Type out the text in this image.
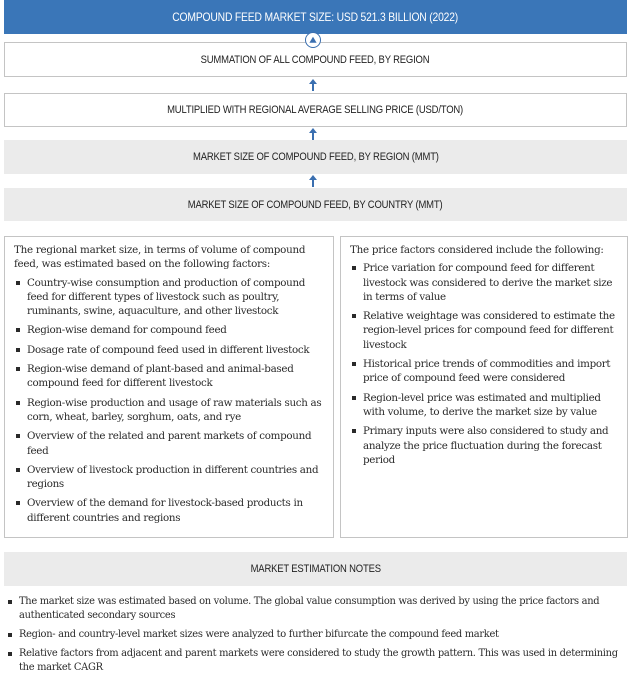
COMPOUND FEED MARKET SIZE: USD 521.3 BILLION (2022)
SUMMATION OF ALL COMPOUND FEED, BY REGION
MULTIPLIED WITH REGIONAL AVERAGE SELLING PRICE (USD/TON)
MARKET SIZE OF COMPOUND FEED, BY REGION (MMT)
MARKET SIZE OF COMPOUND FEED, BY COUNTRY (MMT)

The regional market size, in terms of volume of compound feed, was estimated based on the following factors:

Country-wise consumption and production of compound feed for different types of livestock such as poultry, ruminants, swine, aquaculture, and other livestock
Region-wise demand for compound feed
Dosage rate of compound feed used in different livestock
Region-wise demand of plant-based and animal-based compound feed for different livestock
Region-wise production and usage of raw materials such as corn, wheat, barley, sorghum, oats, and rye
Overview of the related and parent markets of compound feed
Overview of livestock production in different countries and regions
Overview of the demand for livestock-based products in different countries and regions

The price factors considered include the following:

Price variation for compound feed for different livestock was considered to derive the market size in terms of value
Relative weightage was considered to estimate the region-level prices for compound feed for different livestock
Historical price trends of commodities and import price of compound feed were considered
Region-level price was estimated and multiplied with volume, to derive the market size by value
Primary inputs were also considered to study and analyze the price fluctuation during the forecast period
MARKET ESTIMATION NOTES
The market size was estimated based on volume. The global value consumption was derived by using the price factors and authenticated secondary sources
Region- and country-level market sizes were analyzed to further bifurcate the compound feed market
Relative factors from adjacent and parent markets were considered to study the growth pattern. This was used in determining the market CAGR
